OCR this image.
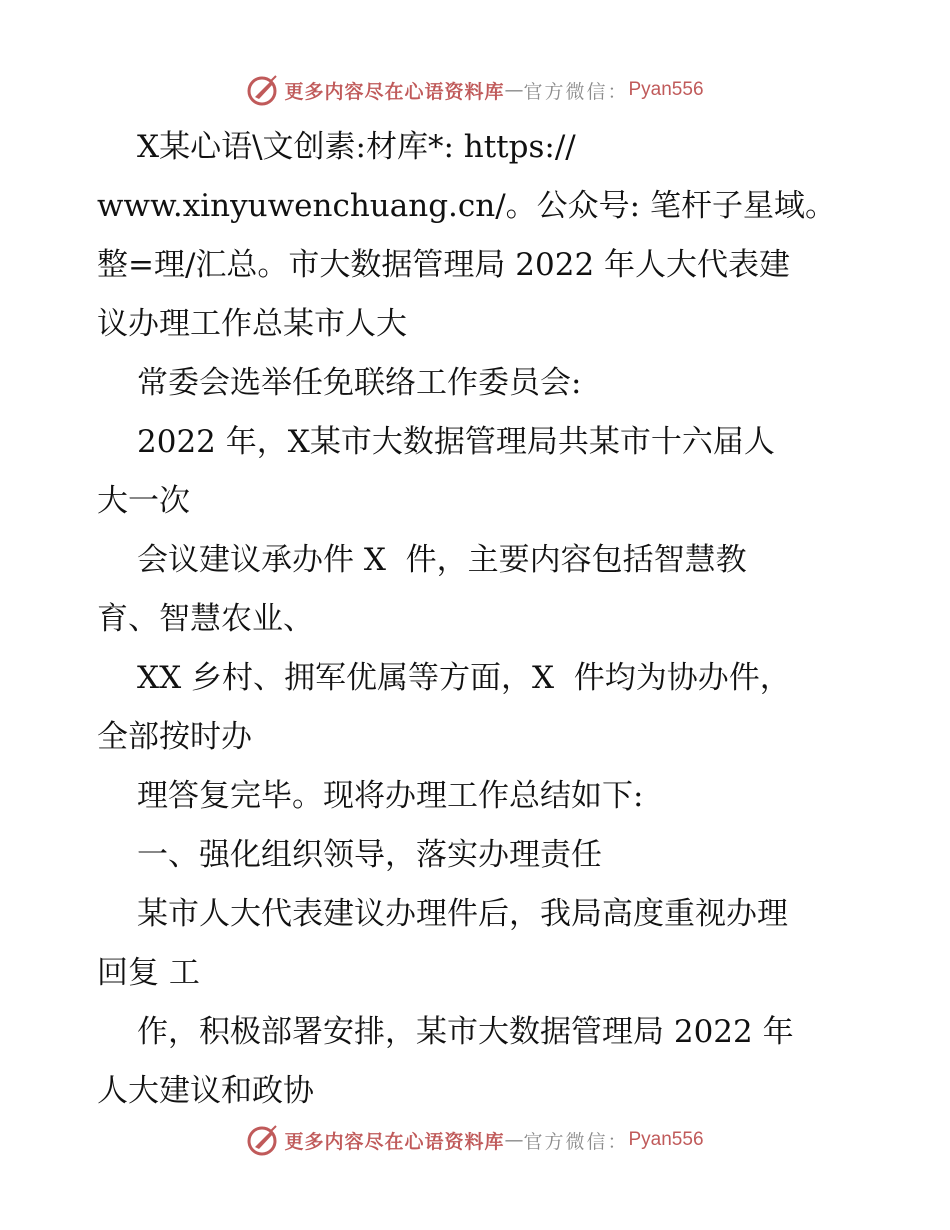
更多内容尽在心语资料库 — 官方微信： Pyan556
X某心语\文创素:材库*: https://
www.xinyuwenchuang.cn/。公众号: 笔杆子星域。
整=理/汇总。市大数据管理局 2022 年人大代表建
议办理工作总某市人大
常委会选举任免联络工作委员会:
2022 年，X某市大数据管理局共某市十六届人
大一次
会议建议承办件 X  件，主要内容包括智慧教
育、智慧农业、
XX 乡村、拥军优属等方面，X  件均为协办件，
全部按时办
理答复完毕。现将办理工作总结如下:
一、强化组织领导，落实办理责任
某市人大代表建议办理件后，我局高度重视办理
回复 工
作，积极部署安排，某市大数据管理局 2022 年
人大建议和政协
更多内容尽在心语资料库 — 官方微信： Pyan556
